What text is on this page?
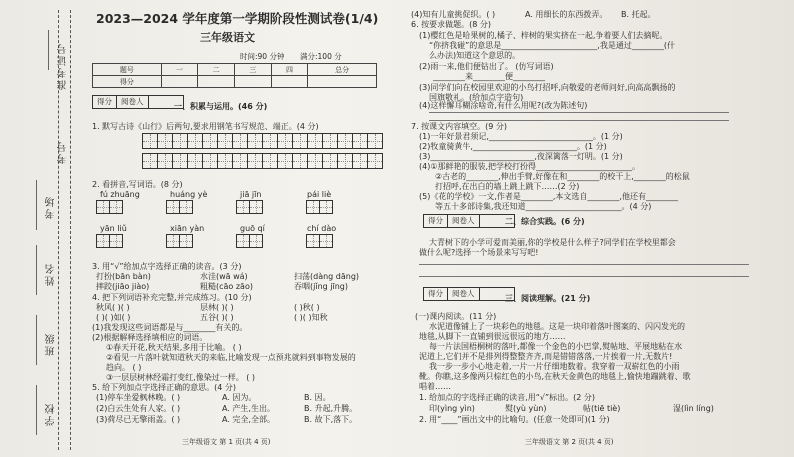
准考证号
考号
考场
姓名
班级
学校
2023—2024 学年度第一学期阶段性测试卷(1/4)
三年级语文
时间:90 分钟 满分:100 分
题号	一	二	三	四	总分
得分					
得分	阅卷人
一、积累与运用。(46 分)
1. 默写古诗《山行》后两句,要求用钢笔书写规范、端正。(4 分)
2. 看拼音,写词语。(8 分)
fú zhuāng	huáng yè	jiā jīn	pái liè
yān liǔ	xiān yàn	guō qí	chí dào
3. 用“√”给加点字选择正确的读音。(3 分)
打扮(bān bàn)	水洼(wā wá)	扫荡(dàng dāng)
摔跤(jiāo jiào)	粗糙(cāo zāo)	吞咽(jǐng jīng)
4. 把下列词语补充完整,并完成练习。(10 分)
秋风( )( )	层林( )( )	( )秋( )
( )( )如( )	五谷( )( )	( )( )知秋
(1)我发现这些词语都是与________有关的。
(2)根据解释选择填相应的词语。
①春天开花,秋天结果,多用于比喻。 ( )
②看见一片落叶就知道秋天的来临,比喻发现一点预兆就料到事物发展的
趋向。 ( )
③一层层树林经霜打变红,像染过一样。 ( )
5. 给下列加点字选择正确的意思。(4 分)
(1)停车坐爱枫林晚。( )	A. 因为。	B. 因。
(2)白云生处有人家。( )	A. 产生,生出。	B. 升起,升腾。
(3)荷尽已无擎雨盖。( )	A. 完全,全部。	B. 故下,落下。
三年级语文 第 1 页(共 4 页)
(4)知有儿童挑促织。( )	A. 用细长的东西拨弄。 B. 托起。
6. 按要求做题。(8 分)
(1)樱红色是哈果树的,橘子、梓树的果实挤在一起,争着要人们去摘呢。
“你挤我碰”的意思是________________________,我是通过________(什
么办法)知道这个意思的。
(2)雨一来,他们便钻出了。 (仿写词语)
________来________便________
(3)同学们向在校园里欢迎的小鸟打招呼,向敬爱的老师问好,向高高飘扬的
国旗敬礼。(给加点字造句)
(4)这样懈耳糊涂啥奇,有什么用呢?(改为陈述句)
7. 按课文内容填空。(9 分)
(1)一年好景君须记,__________________________。(1 分)
(2)牧童骑黄牛,__________________________。(1 分)
(3)__________________________,夜深篱落一灯明。(1 分)
(4)①那鲜艳的服装,把学校打扮得________________________。
②古老的________,伸出手臂,好像在和________的校干上,________的松鼠
打招呼,在出白的墙上跳上跳下……(2 分)
(5)《花的学校》一文,作者是________,本文选自________,他还有________
等五十多部诗集,我还知道________________________。(4 分)
得分	阅卷人	二、综合实践。(6 分)
大青树下的小学可爱而美丽,你的学校是什么样子?同学们在学校里都会
做什么呢?选择一个场景来写写吧!
得分	阅卷人
三、阅读理解。(21 分)
(一)课内阅读。(11 分)
水泥道像铺上了一块彩色的地毯。这是一块印着落叶图案的、闪闪发光的
地毯,从脚下一直铺到很远很远的地方……
每一片法国梧桐树的落叶,都像一个金色的小巴掌,熨帖地、平展地粘在水
泥道上,它们并不是排列得整整齐齐,而是错错落落,一片挨着一片,无数片!
我一步一步小心地走着,一片一片仔细地数着。我穿着一双崭红色的小雨
靴。你瞧,这多像两只棕红色的小鸟,在秋天金黄色的地毯上,愉快地蹦跳着、歌
唱着……
1. 给加点的字选择正确的读音,用“√”标出。(2 分)
印(yìng yìn)	熨(yù yùn)	帖(tiē tiè)	湿(lìn líng)
2. 用“____”画出文中的比喻句。(任意一处即可)(1 分)
三年级语文 第 2 页(共 4 页)
